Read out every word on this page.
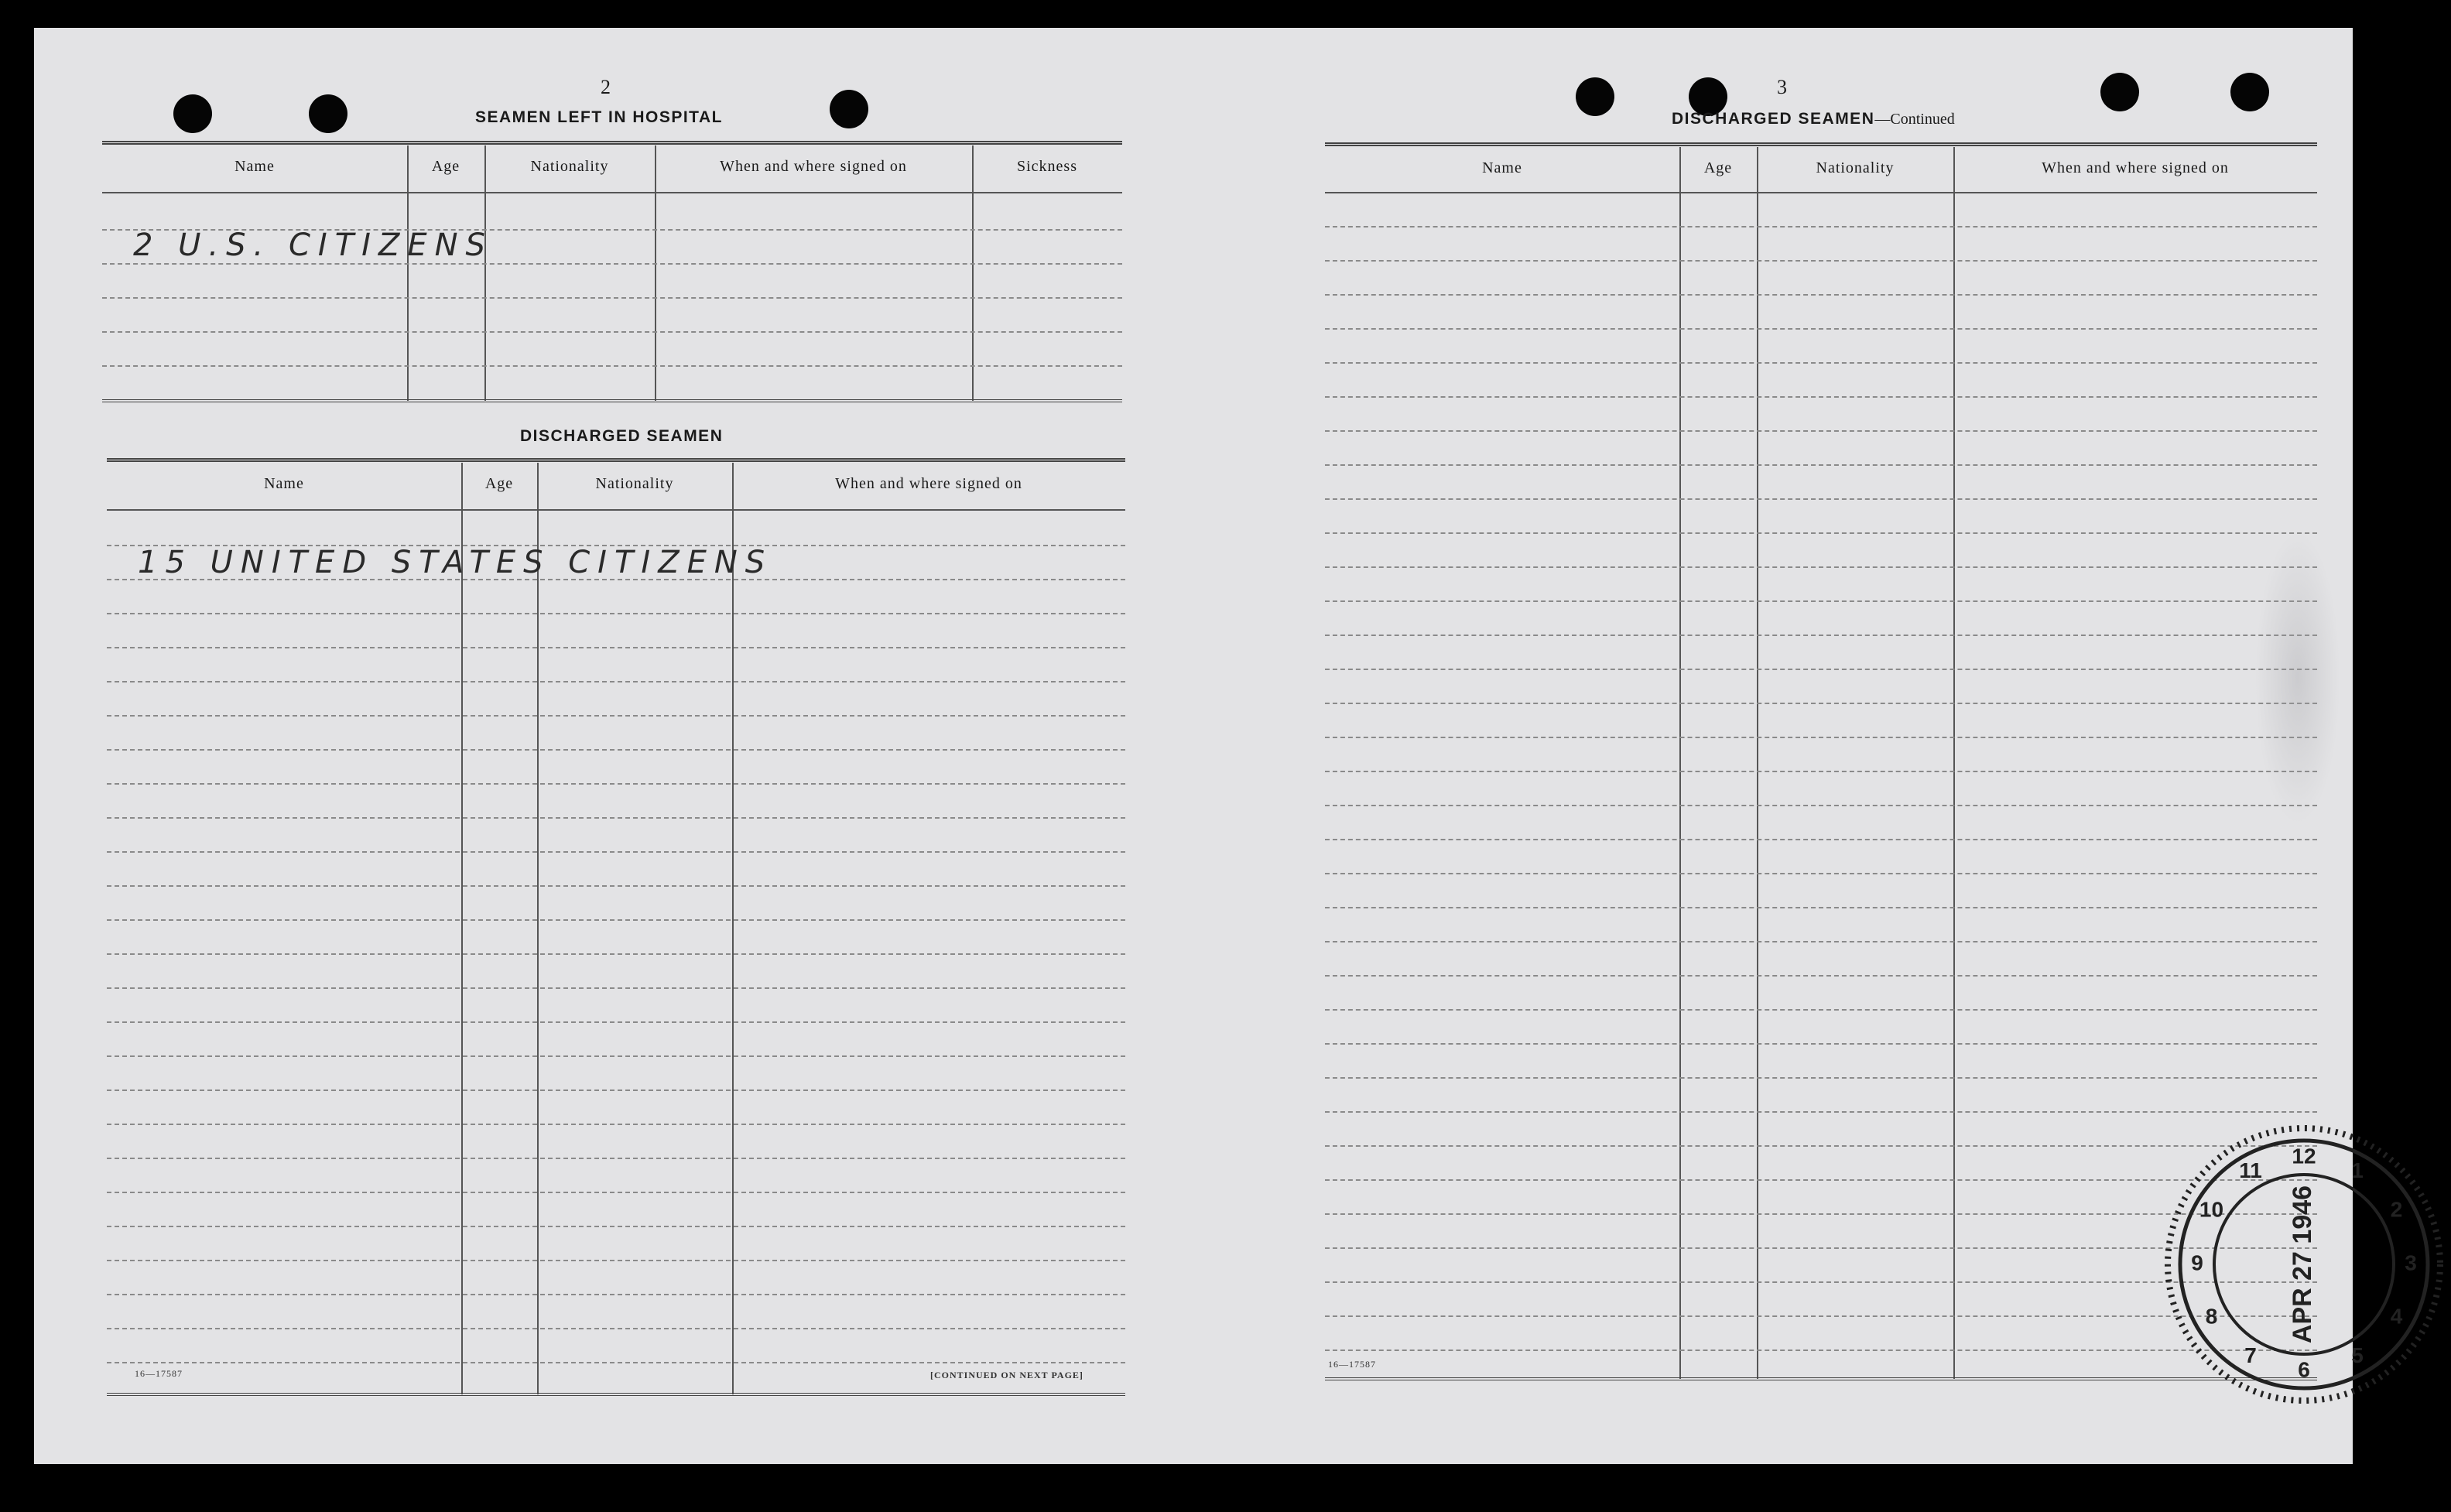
2
SEAMEN LEFT IN HOSPITAL
Name	Age	Nationality	When and where signed on	Sickness
2 U.S. CITIZENS
DISCHARGED SEAMEN
Name	Age	Nationality	When and where signed on
15 UNITED STATES CITIZENS
16—17587	[CONTINUED ON NEXT PAGE]
3
DISCHARGED SEAMEN—Continued
Name	Age	Nationality	When and where signed on
12
1
2
3
4
5
6
7
8
9
10
11
APR 27 1946
16—17587
